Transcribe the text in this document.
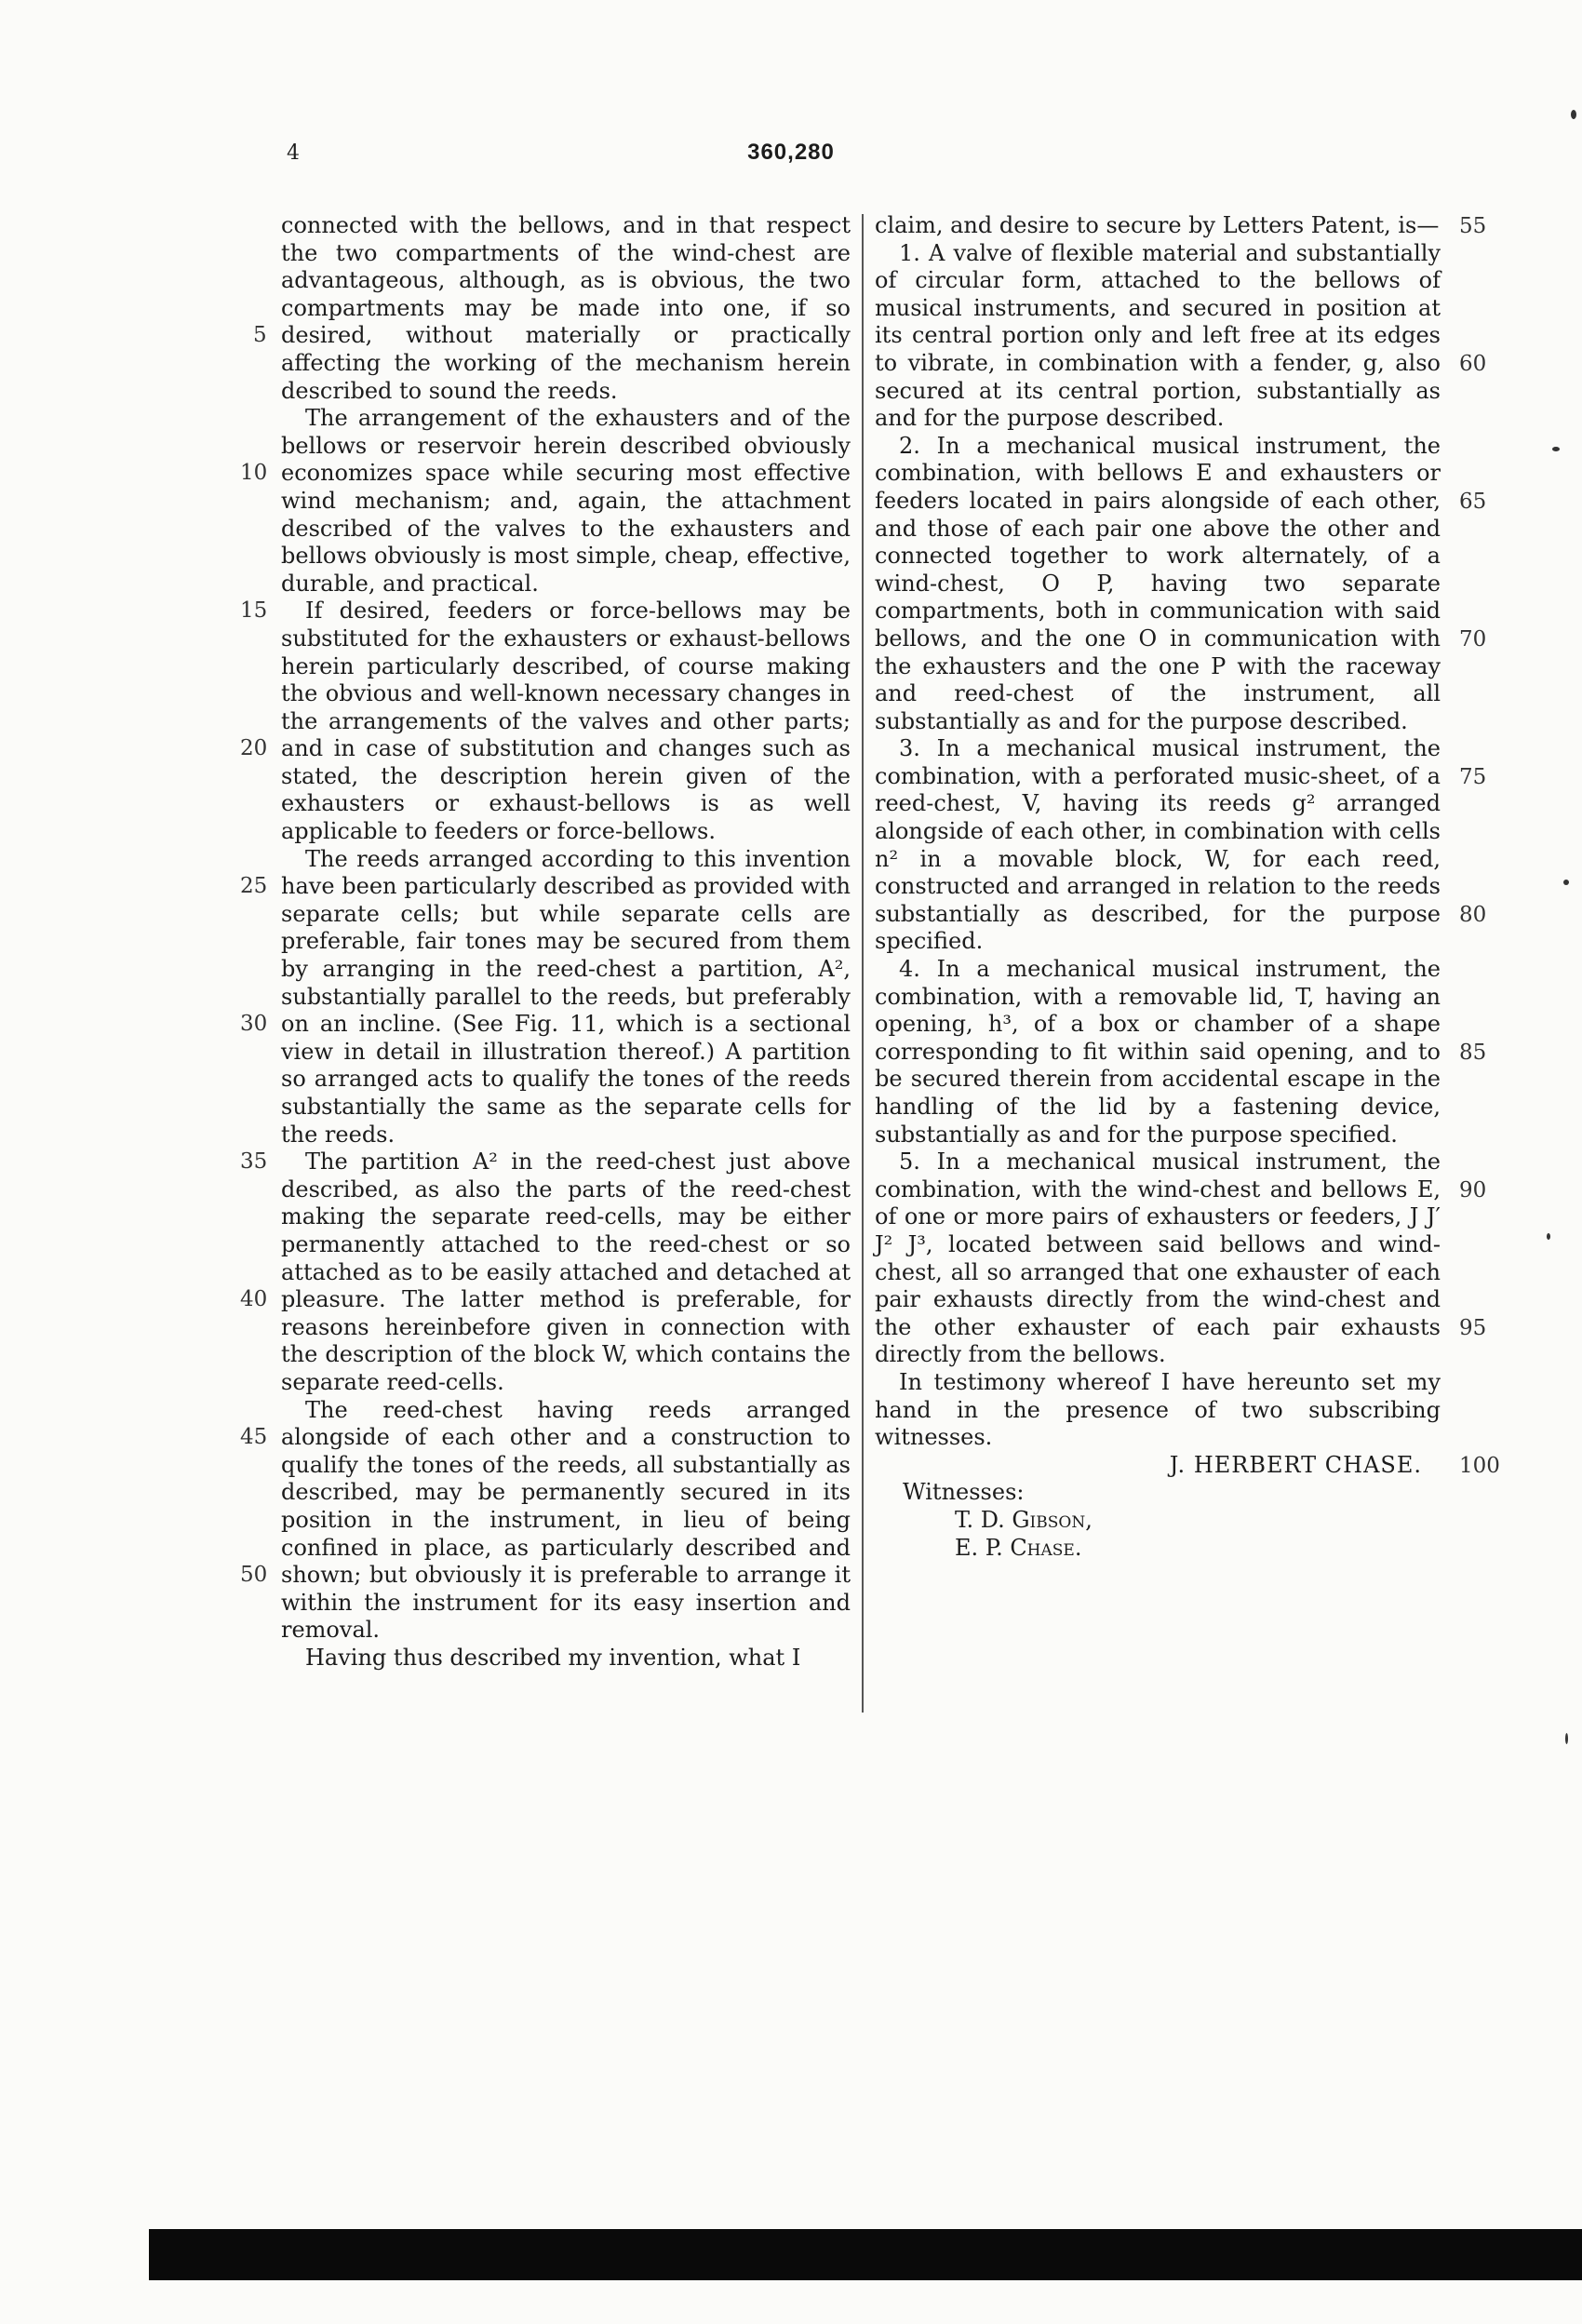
4	360,280

connected with the bellows, and in that respect the two compartments of the wind-chest are advantageous, although, as is obvious, the two compartments may be made into one, if so desired, without materially or practically affecting the working of the mechanism herein described to sound the reeds.

The arrangement of the exhausters and of the bellows or reservoir herein described obviously economizes space while securing most effective wind mechanism; and, again, the attachment described of the valves to the exhausters and bellows obviously is most simple, cheap, effective, durable, and practical.

If desired, feeders or force-bellows may be substituted for the exhausters or exhaust-bellows herein particularly described, of course making the obvious and well-known necessary changes in the arrangements of the valves and other parts; and in case of substitution and changes such as stated, the description herein given of the exhausters or exhaust-bellows is as well applicable to feeders or force-bellows.

The reeds arranged according to this invention have been particularly described as provided with separate cells; but while separate cells are preferable, fair tones may be secured from them by arranging in the reed-chest a partition, A², substantially parallel to the reeds, but preferably on an incline. (See Fig. 11, which is a sectional view in detail in illustration thereof.) A partition so arranged acts to qualify the tones of the reeds substantially the same as the separate cells for the reeds.

The partition A² in the reed-chest just above described, as also the parts of the reed-chest making the separate reed-cells, may be either permanently attached to the reed-chest or so attached as to be easily attached and detached at pleasure. The latter method is preferable, for reasons hereinbefore given in connection with the description of the block W, which contains the separate reed-cells.

The reed-chest having reeds arranged alongside of each other and a construction to qualify the tones of the reeds, all substantially as described, may be permanently secured in its position in the instrument, in lieu of being confined in place, as particularly described and shown; but obviously it is preferable to arrange it within the instrument for its easy insertion and removal.

Having thus described my invention, what I

claim, and desire to secure by Letters Patent, is—

1. A valve of flexible material and substantially of circular form, attached to the bellows of musical instruments, and secured in position at its central portion only and left free at its edges to vibrate, in combination with a fender, g, also secured at its central portion, substantially as and for the purpose described.

2. In a mechanical musical instrument, the combination, with bellows E and exhausters or feeders located in pairs alongside of each other, and those of each pair one above the other and connected together to work alternately, of a wind-chest, O P, having two separate compartments, both in communication with said bellows, and the one O in communication with the exhausters and the one P with the raceway and reed-chest of the instrument, all substantially as and for the purpose described.

3. In a mechanical musical instrument, the combination, with a perforated music-sheet, of a reed-chest, V, having its reeds g² arranged alongside of each other, in combination with cells n² in a movable block, W, for each reed, constructed and arranged in relation to the reeds substantially as described, for the purpose specified.

4. In a mechanical musical instrument, the combination, with a removable lid, T, having an opening, h³, of a box or chamber of a shape corresponding to fit within said opening, and to be secured therein from accidental escape in the handling of the lid by a fastening device, substantially as and for the purpose specified.

5. In a mechanical musical instrument, the combination, with the wind-chest and bellows E, of one or more pairs of exhausters or feeders, J J′ J² J³, located between said bellows and wind-chest, all so arranged that one exhauster of each pair exhausts directly from the wind-chest and the other exhauster of each pair exhausts directly from the bellows.

In testimony whereof I have hereunto set my hand in the presence of two subscribing witnesses.

J. HERBERT CHASE.

Witnesses:

T. D. Gibson,

E. P. Chase.

5
10
15
20
25
30
35
40
45
50
55
60
65
70
75
80
85
90
95
100
